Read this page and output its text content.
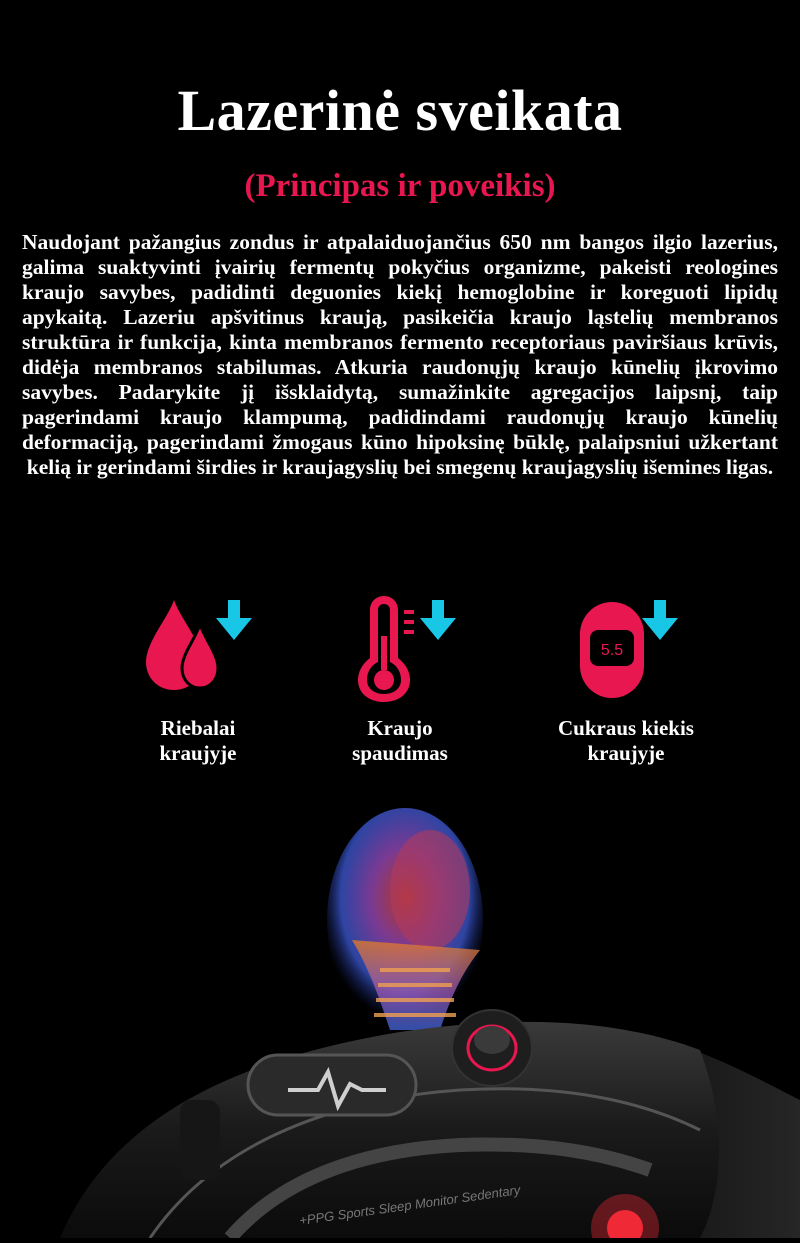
Lazerinė sveikata
(Principas ir poveikis)
Naudojant pažangius zondus ir atpalaiduojančius 650 nm bangos ilgio lazerius, galima suaktyvinti įvairių fermentų pokyčius organizme, pakeisti reologines kraujo savybes, padidinti deguonies kiekį hemoglobine ir koreguoti lipidų apykaitą. Lazeriu apšvitinus kraują, pasikeičia kraujo ląstelių membranos struktūra ir funkcija, kinta membranos fermento receptoriaus paviršiaus krūvis, didėja membranos stabilumas. Atkuria raudonųjų kraujo kūnelių įkrovimo savybes. Padarykite jį išsklaidytą, sumažinkite agregacijos laipsnį, taip pagerindami kraujo klampumą, padidindami raudonųjų kraujo kūnelių deformaciją, pagerindami žmogaus kūno hipoksinę būklę, palaipsniui užkertant kelią ir gerindami širdies ir kraujagyslių bei smegenų kraujagyslių išemines ligas.
Riebalai
kraujyje
Kraujo
spaudimas
5.5
Cukraus kiekis
kraujyje
+PPG Sports Sleep Monitor Sedentary
